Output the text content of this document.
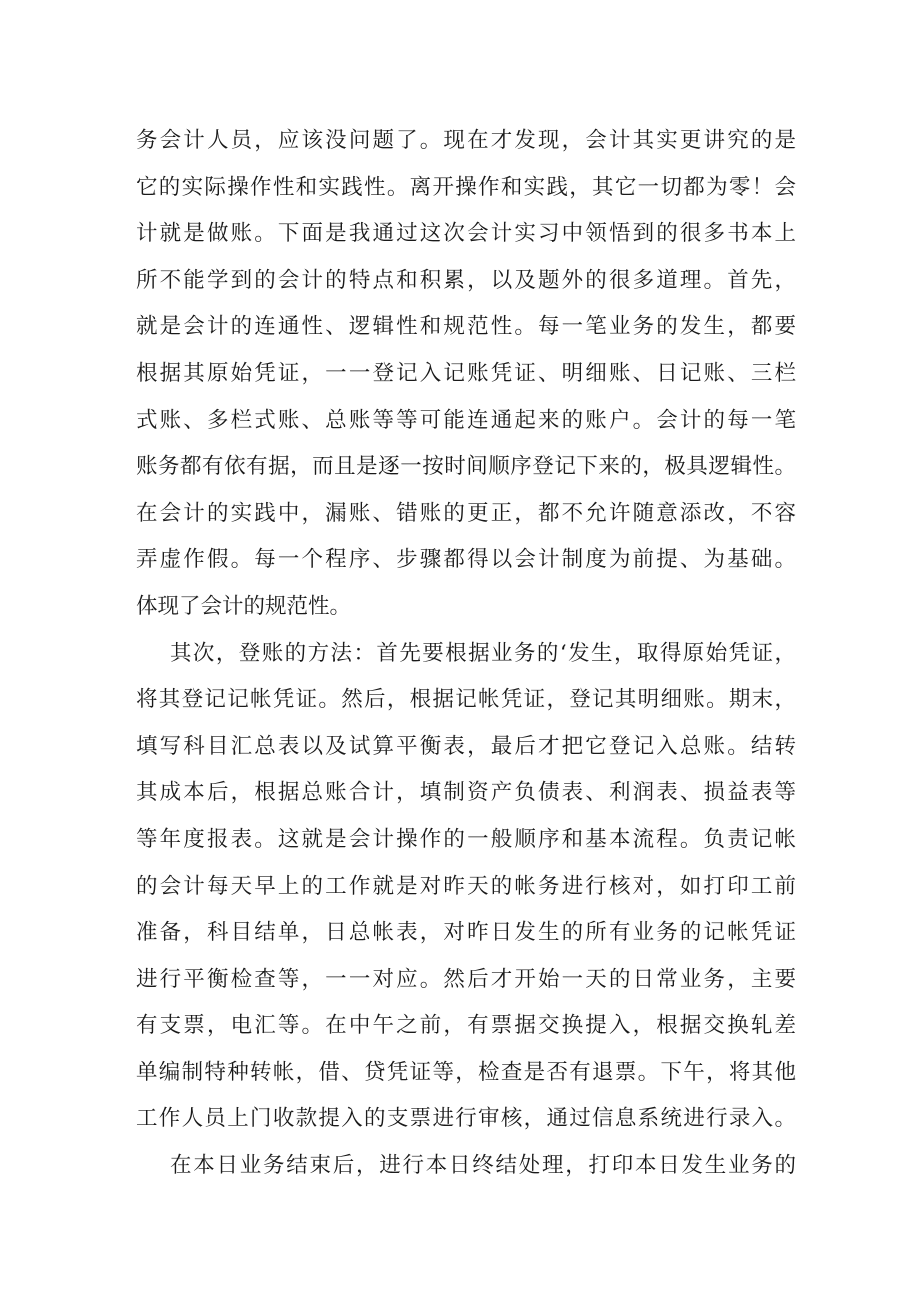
务会计人员，应该没问题了。现在才发现，会计其实更讲究的是
它的实际操作性和实践性。离开操作和实践，其它一切都为零！会
计就是做账。下面是我通过这次会计实习中领悟到的很多书本上
所不能学到的会计的特点和积累，以及题外的很多道理。首先，
就是会计的连通性、逻辑性和规范性。每一笔业务的发生，都要
根据其原始凭证，一一登记入记账凭证、明细账、日记账、三栏
式账、多栏式账、总账等等可能连通起来的账户。会计的每一笔
账务都有依有据，而且是逐一按时间顺序登记下来的，极具逻辑性。
在会计的实践中，漏账、错账的更正，都不允许随意添改，不容
弄虚作假。每一个程序、步骤都得以会计制度为前提、为基础。
体现了会计的规范性。
其次，登账的方法：首先要根据业务的‘发生，取得原始凭证，
将其登记记帐凭证。然后，根据记帐凭证，登记其明细账。期末，
填写科目汇总表以及试算平衡表，最后才把它登记入总账。结转
其成本后，根据总账合计，填制资产负债表、利润表、损益表等
等年度报表。这就是会计操作的一般顺序和基本流程。负责记帐
的会计每天早上的工作就是对昨天的帐务进行核对，如打印工前
准备，科目结单，日总帐表，对昨日发生的所有业务的记帐凭证
进行平衡检查等，一一对应。然后才开始一天的日常业务，主要
有支票，电汇等。在中午之前，有票据交换提入，根据交换轧差
单编制特种转帐，借、贷凭证等，检查是否有退票。下午，将其他
工作人员上门收款提入的支票进行审核，通过信息系统进行录入。
在本日业务结束后，进行本日终结处理，打印本日发生业务的
